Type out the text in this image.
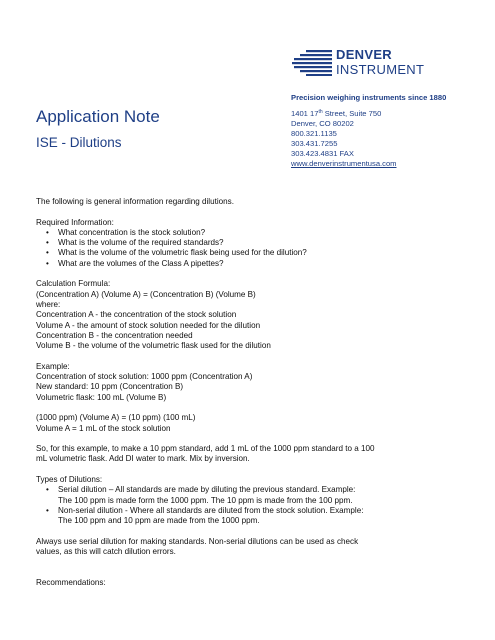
DENVER
INSTRUMENT
Precision weighing instruments since 1880
1401 17th Street, Suite 750
Denver, CO 80202
800.321.1135
303.431.7255
303.423.4831 FAX
www.denverinstrumentusa.com
Application Note
ISE - Dilutions

The following is general information regarding dilutions.

Required Information:

• What concentration is the stock solution?
• What is the volume of the required standards?
• What is the volume of the volumetric flask being used for the dilution?
• What are the volumes of the Class A pipettes?

Calculation Formula:

(Concentration A) (Volume A) = (Concentration B) (Volume B)

where:

Concentration A - the concentration of the stock solution

Volume A - the amount of stock solution needed for the dilution

Concentration B - the concentration needed

Volume B - the volume of the volumetric flask used for the dilution

Example:

Concentration of stock solution: 1000 ppm (Concentration A)

New standard: 10 ppm (Concentration B)

Volumetric flask: 100 mL (Volume B)

(1000 ppm) (Volume A) = (10 ppm) (100 mL)

Volume A = 1 mL of the stock solution

So, for this example, to make a 10 ppm standard, add 1 mL of the 1000 ppm standard to a 100

mL volumetric flask. Add DI water to mark. Mix by inversion.

Types of Dilutions:

• Serial dilution – All standards are made by diluting the previous standard. Example:
The 100 ppm is made form the 1000 ppm. The 10 ppm is made from the 100 ppm.
• Non-serial dilution - Where all standards are diluted from the stock solution. Example:
The 100 ppm and 10 ppm are made from the 1000 ppm.

Always use serial dilution for making standards. Non-serial dilutions can be used as check

values, as this will catch dilution errors.

Recommendations:
